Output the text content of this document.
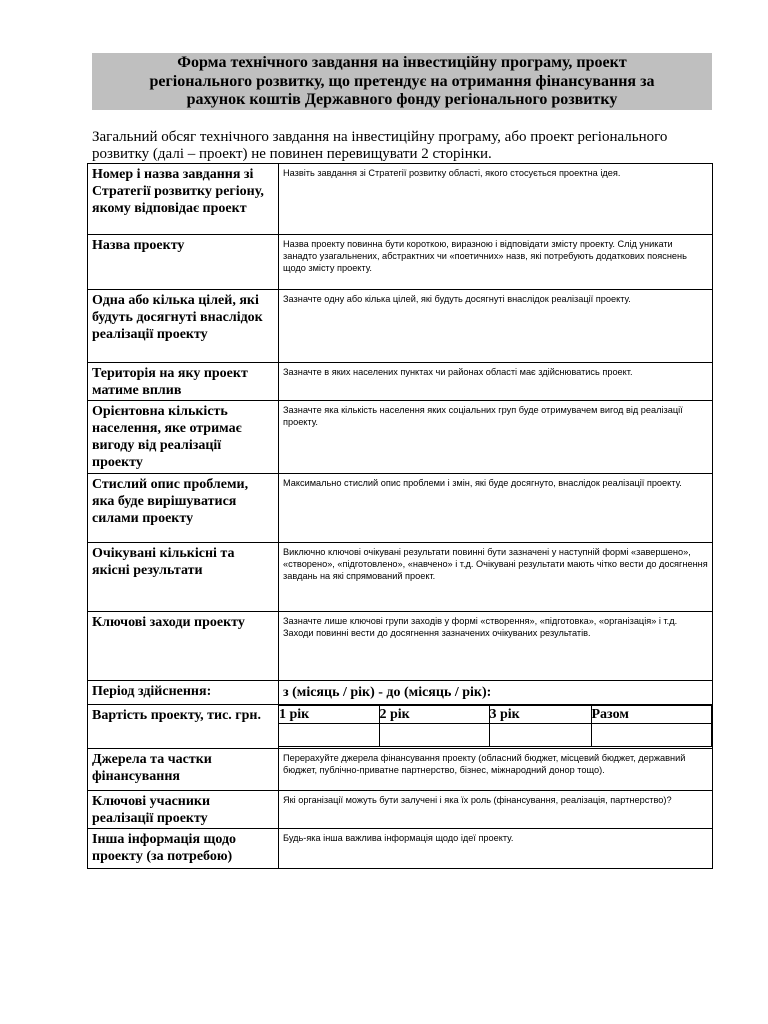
Форма технічного завдання на інвестиційну програму, проект
регіонального розвитку, що претендує на отримання фінансування за
рахунок коштів Державного фонду регіонального розвитку
Загальний обсяг технічного завдання на інвестиційну програму, або проект регіонального
розвитку (далі – проект) не повинен перевищувати 2 сторінки.
Номер і назва завдання зі Стратегії розвитку регіону, якому відповідає проект	Назвіть завдання зі Стратегії розвитку області, якого стосується проектна ідея.
Назва проекту	Назва проекту повинна бути короткою, виразною і відповідати змісту проекту. Слід уникати занадто узагальнених, абстрактних чи «поетичних» назв, які потребують додаткових пояснень щодо змісту проекту.
Одна або кілька цілей, які будуть досягнуті внаслідок реалізації проекту	Зазначте одну або кілька цілей, які будуть досягнуті внаслідок реалізації проекту.
Територія на яку проект матиме вплив	Зазначте в яких населених пунктах чи районах області має здійснюватись проект.
Орієнтовна кількість населення, яке отримає вигоду від реалізації проекту	Зазначте яка кількість населення яких соціальних груп буде отримувачем вигод від реалізації проекту.
Стислий опис проблеми, яка буде вирішуватися силами проекту	Максимально стислий опис проблеми і змін, які буде досягнуто, внаслідок реалізації проекту.
Очікувані кількісні та якісні результати	Виключно ключові очікувані результати повинні бути зазначені у наступній формі «завершено», «створено», «підготовлено», «навчено» і т.д. Очікувані результати мають чітко вести до досягнення завдань на які спрямований проект.
Ключові заходи проекту	Зазначте лише ключові групи заходів у формі «створення», «підготовка», «організація» і т.д. Заходи повинні вести до досягнення зазначених очікуваних результатів.
Період здійснення:	з (місяць / рік) - до (місяць / рік):
Вартість проекту, тис. грн.	1 рік	2 рік	3 рік	Разом

Джерела та частки фінансування	Перерахуйте джерела фінансування проекту (обласний бюджет, місцевий бюджет, державний бюджет, публічно-приватне партнерство, бізнес, міжнародний донор тощо).
Ключові учасники реалізації проекту	Які організації можуть бути залучені і яка їх роль (фінансування, реалізація, партнерство)?
Інша інформація щодо проекту (за потребою)	Будь-яка інша важлива інформація щодо ідеї проекту.
